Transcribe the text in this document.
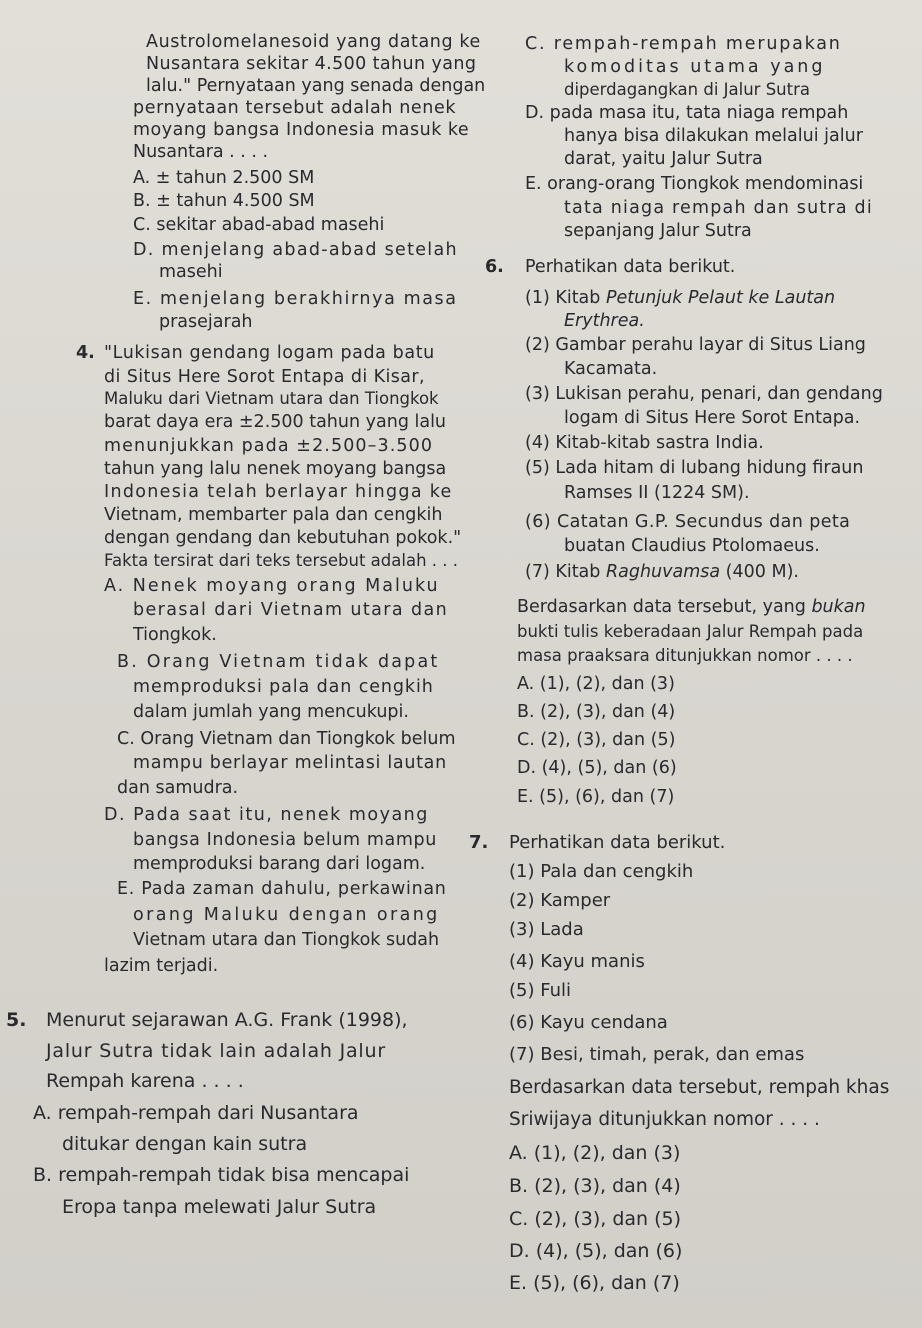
Austrolomelanesoid yang datang ke
Nusantara sekitar 4.500 tahun yang
lalu." Pernyataan yang senada dengan
pernyataan tersebut adalah nenek
moyang bangsa Indonesia masuk ke
Nusantara . . . .
A. ± tahun 2.500 SM
B. ± tahun 4.500 SM
C. sekitar abad-abad masehi
D. menjelang abad-abad setelah
masehi
E. menjelang berakhirnya masa
prasejarah
4. "Lukisan gendang logam pada batu
di Situs Here Sorot Entapa di Kisar,
Maluku dari Vietnam utara dan Tiongkok
barat daya era ±2.500 tahun yang lalu
menunjukkan pada ±2.500–3.500
tahun yang lalu nenek moyang bangsa
Indonesia telah berlayar hingga ke
Vietnam, membarter pala dan cengkih
dengan gendang dan kebutuhan pokok."
Fakta tersirat dari teks tersebut adalah . . .
A. Nenek moyang orang Maluku
berasal dari Vietnam utara dan
Tiongkok.
B. Orang Vietnam tidak dapat
memproduksi pala dan cengkih
dalam jumlah yang mencukupi.
C. Orang Vietnam dan Tiongkok belum
mampu berlayar melintasi lautan
dan samudra.
D. Pada saat itu, nenek moyang
bangsa Indonesia belum mampu
memproduksi barang dari logam.
E. Pada zaman dahulu, perkawinan
orang Maluku dengan orang
Vietnam utara dan Tiongkok sudah
lazim terjadi.
5. Menurut sejarawan A.G. Frank (1998),
Jalur Sutra tidak lain adalah Jalur
Rempah karena . . . .
A. rempah-rempah dari Nusantara
ditukar dengan kain sutra
B. rempah-rempah tidak bisa mencapai
Eropa tanpa melewati Jalur Sutra
C. rempah-rempah merupakan
komoditas utama yang
diperdagangkan di Jalur Sutra
D. pada masa itu, tata niaga rempah
hanya bisa dilakukan melalui jalur
darat, yaitu Jalur Sutra
E. orang-orang Tiongkok mendominasi
tata niaga rempah dan sutra di
sepanjang Jalur Sutra
6. Perhatikan data berikut.
(1) Kitab Petunjuk Pelaut ke Lautan
Erythrea.
(2) Gambar perahu layar di Situs Liang
Kacamata.
(3) Lukisan perahu, penari, dan gendang
logam di Situs Here Sorot Entapa.
(4) Kitab-kitab sastra India.
(5) Lada hitam di lubang hidung firaun
Ramses II (1224 SM).
(6) Catatan G.P. Secundus dan peta
buatan Claudius Ptolomaeus.
(7) Kitab Raghuvamsa (400 M).
Berdasarkan data tersebut, yang bukan
bukti tulis keberadaan Jalur Rempah pada
masa praaksara ditunjukkan nomor . . . .
A. (1), (2), dan (3)
B. (2), (3), dan (4)
C. (2), (3), dan (5)
D. (4), (5), dan (6)
E. (5), (6), dan (7)
7. Perhatikan data berikut.
(1) Pala dan cengkih
(2) Kamper
(3) Lada
(4) Kayu manis
(5) Fuli
(6) Kayu cendana
(7) Besi, timah, perak, dan emas
Berdasarkan data tersebut, rempah khas
Sriwijaya ditunjukkan nomor . . . .
A. (1), (2), dan (3)
B. (2), (3), dan (4)
C. (2), (3), dan (5)
D. (4), (5), dan (6)
E. (5), (6), dan (7)
